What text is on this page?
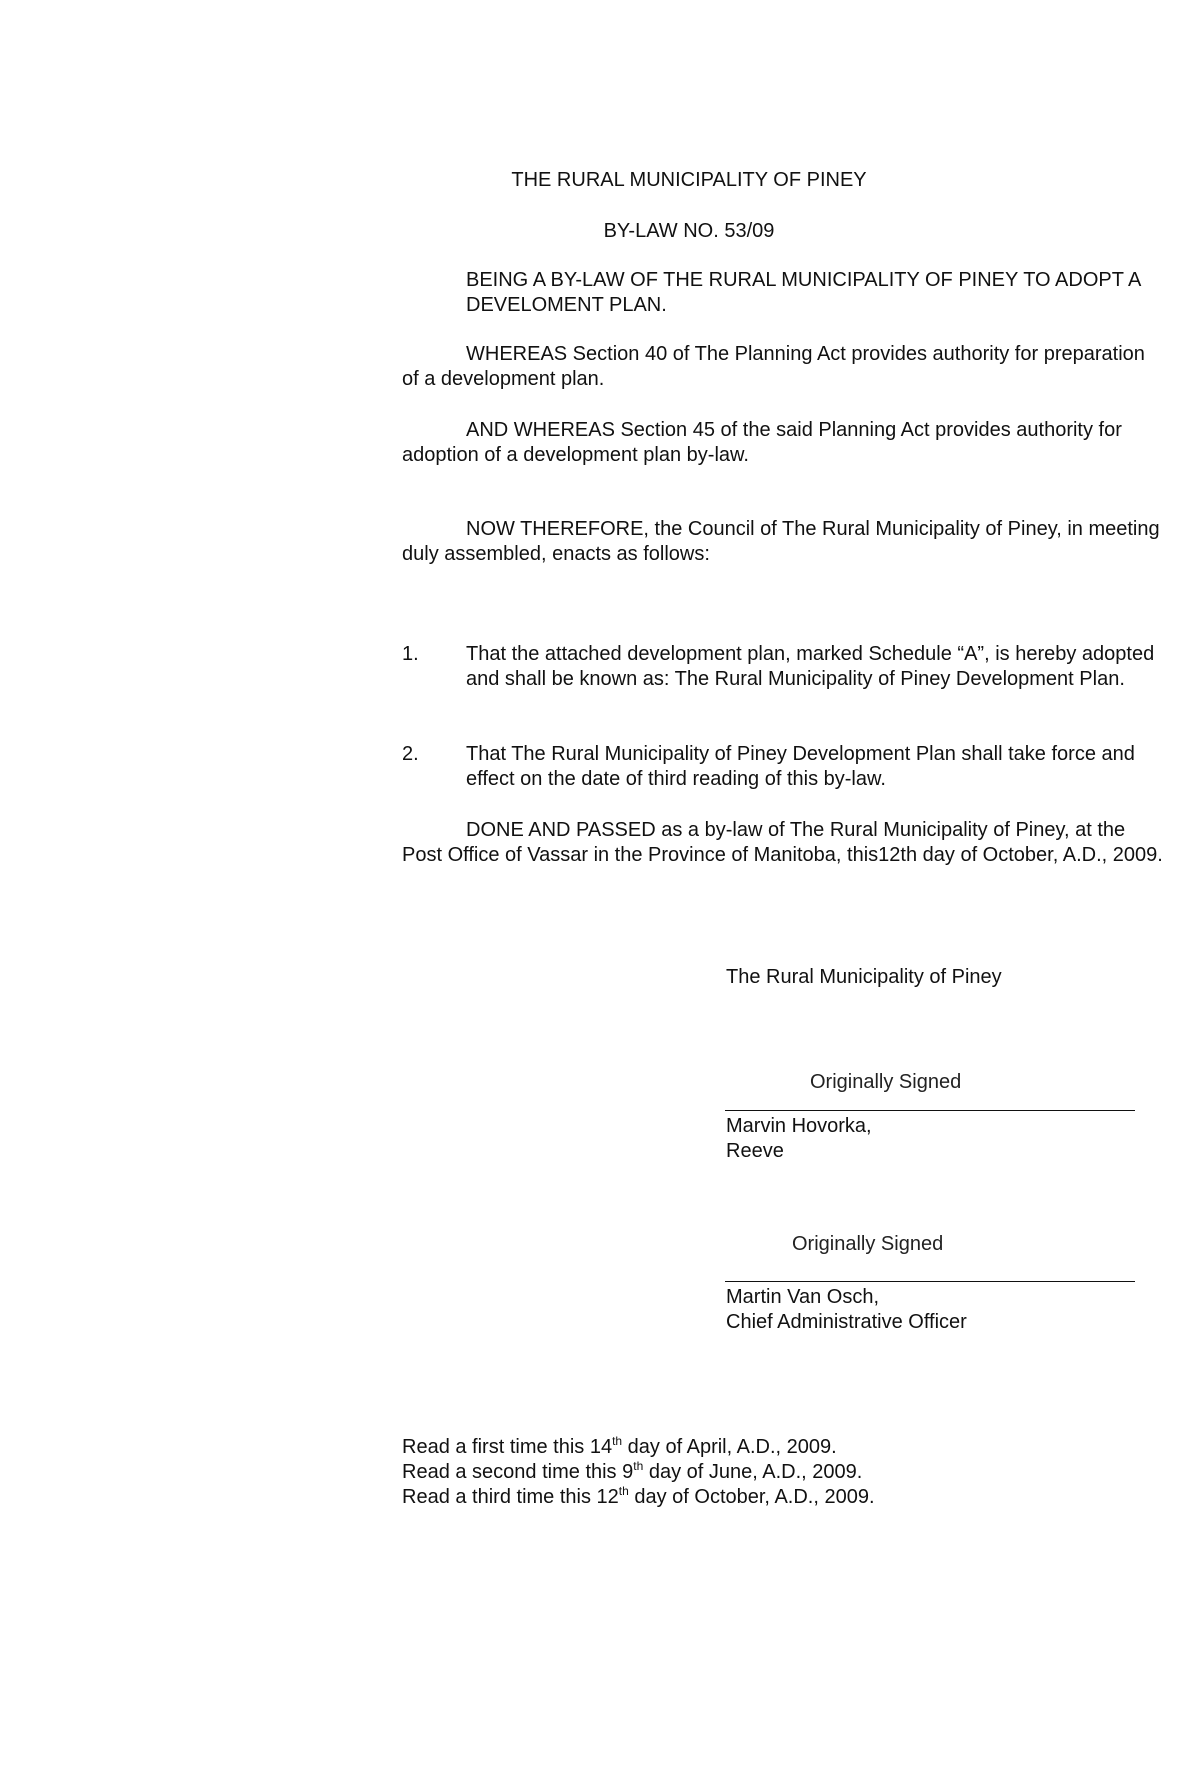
THE RURAL MUNICIPALITY OF PINEY
BY-LAW NO. 53/09
BEING A BY-LAW OF THE RURAL MUNICIPALITY OF PINEY TO ADOPT A DEVELOMENT PLAN.
WHEREAS Section 40 of The Planning Act provides authority for preparation of a development plan.
AND WHEREAS Section 45 of the said Planning Act provides authority for adoption of a development plan by-law.
NOW THEREFORE, the Council of The Rural Municipality of Piney, in meeting duly assembled, enacts as follows:
1. That the attached development plan, marked Schedule “A”, is hereby adopted and shall be known as: The Rural Municipality of Piney Development Plan.
2. That The Rural Municipality of Piney Development Plan shall take force and effect on the date of third reading of this by-law.
DONE AND PASSED as a by-law of The Rural Municipality of Piney, at the Post Office of Vassar in the Province of Manitoba, this12th day of October, A.D., 2009.
The Rural Municipality of Piney
Originally Signed
Marvin Hovorka,
Reeve
Originally Signed
Martin Van Osch,
Chief Administrative Officer
Read a first time this 14th day of April, A.D., 2009.
Read a second time this 9th day of June, A.D., 2009.
Read a third time this 12th day of October, A.D., 2009.
